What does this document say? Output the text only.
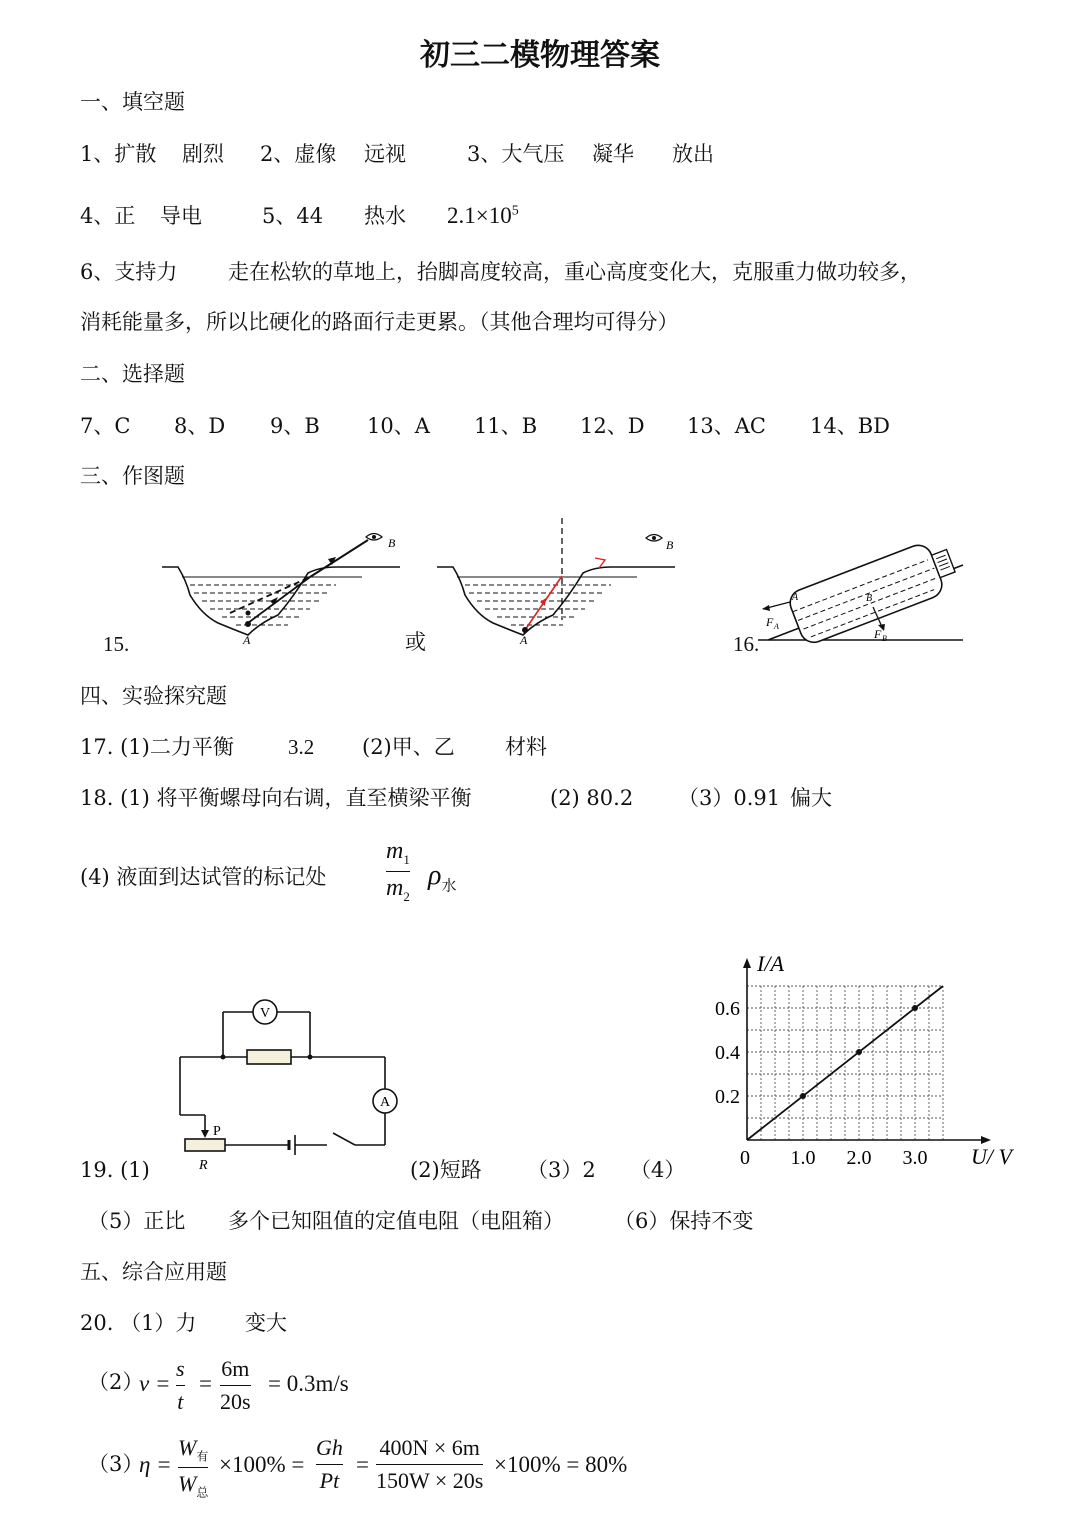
初三二模物理答案
一、填空题
1、扩散 剧烈 2、虚像 远视	3、大气压 凝华 放出
4、正 导电	5、44 热水 $2.1\times 10^5$
6、支持力 走在松软的草地上，抬脚高度较高，重心高度变化大，克服重力做功较多，
消耗能量多，所以比硬化的路面行走更累。（其他合理均可得分）
二、选择题
7、C 8、D 9、B 10、A 11、B 12、D 13、AC 14、BD
三、作图题
15.	或	16.
B
A
B
A
A	B
F A
F B
四、实验探究题
17. (1)二力平衡	3.2 (2)甲、乙 材料
18. (1) 将平衡螺母向右调，直至横梁平衡	(2) 80.2 （3）0.91 偏大
(4) 液面到达试管的标记处
$m_1$
$m_2$
$\rho_水$
V
A
P
R	0 1.0 2.0 3.0
0.2
0.4
0.6
U/ V
I/A
19. (1)	(2)短路 （3）2 （4）
（5）正比 多个已知阻值的定值电阻（电阻箱） （6）保持不变
五、综合应用题
20. （1）力 变大
（2）
v =
s
t
=
6m
20s
= 0.3m/s
（3）
η =
$W_有$
$W_总$
×100% =
Gh
Pt
=
400N × 6m
150W × 20s
×100% = 80%
